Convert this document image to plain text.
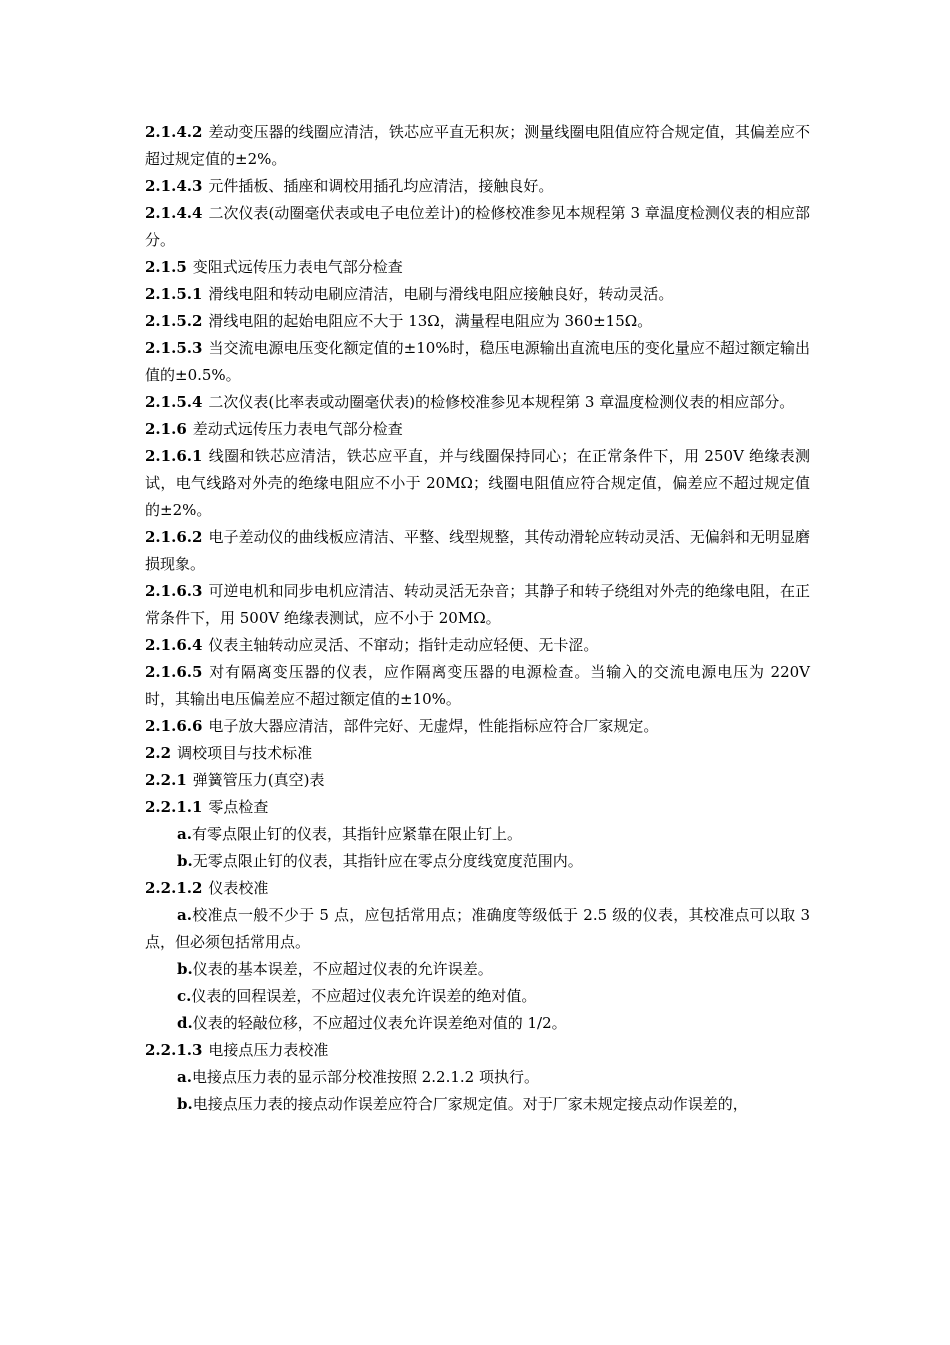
2.1.4.2 差动变压器的线圈应清洁，铁芯应平直无积灰；测量线圈电阻值应符合规定值，其偏差应不超过规定值的±2%。

2.1.4.3 元件插板、插座和调校用插孔均应清洁，接触良好。

2.1.4.4 二次仪表(动圈毫伏表或电子电位差计)的检修校准参见本规程第 3 章温度检测仪表的相应部分。

2.1.5 变阻式远传压力表电气部分检查

2.1.5.1 滑线电阻和转动电刷应清洁，电刷与滑线电阻应接触良好，转动灵活。

2.1.5.2 滑线电阻的起始电阻应不大于 13Ω，满量程电阻应为 360±15Ω。

2.1.5.3 当交流电源电压变化额定值的±10%时，稳压电源输出直流电压的变化量应不超过额定输出值的±0.5%。

2.1.5.4 二次仪表(比率表或动圈毫伏表)的检修校准参见本规程第 3 章温度检测仪表的相应部分。

2.1.6 差动式远传压力表电气部分检查

2.1.6.1 线圈和铁芯应清洁，铁芯应平直，并与线圈保持同心；在正常条件下，用 250V 绝缘表测试，电气线路对外壳的绝缘电阻应不小于 20MΩ；线圈电阻值应符合规定值，偏差应不超过规定值的±2%。

2.1.6.2 电子差动仪的曲线板应清洁、平整、线型规整，其传动滑轮应转动灵活、无偏斜和无明显磨损现象。

2.1.6.3 可逆电机和同步电机应清洁、转动灵活无杂音；其静子和转子绕组对外壳的绝缘电阻，在正常条件下，用 500V 绝缘表测试，应不小于 20MΩ。

2.1.6.4 仪表主轴转动应灵活、不窜动；指针走动应轻便、无卡涩。

2.1.6.5 对有隔离变压器的仪表，应作隔离变压器的电源检查。当输入的交流电源电压为 220V 时，其输出电压偏差应不超过额定值的±10%。

2.1.6.6 电子放大器应清洁，部件完好、无虚焊，性能指标应符合厂家规定。

2.2 调校项目与技术标准

2.2.1 弹簧管压力(真空)表

2.2.1.1 零点检查

a.有零点限止钉的仪表，其指针应紧靠在限止钉上。

b.无零点限止钉的仪表，其指针应在零点分度线宽度范围内。

2.2.1.2 仪表校准

a.校准点一般不少于 5 点，应包括常用点；准确度等级低于 2.5 级的仪表，其校准点可以取 3 点，但必须包括常用点。

b.仪表的基本误差，不应超过仪表的允许误差。

c.仪表的回程误差，不应超过仪表允许误差的绝对值。

d.仪表的轻敲位移，不应超过仪表允许误差绝对值的 1/2。

2.2.1.3 电接点压力表校准

a.电接点压力表的显示部分校准按照 2.2.1.2 项执行。

b.电接点压力表的接点动作误差应符合厂家规定值。对于厂家未规定接点动作误差的，
